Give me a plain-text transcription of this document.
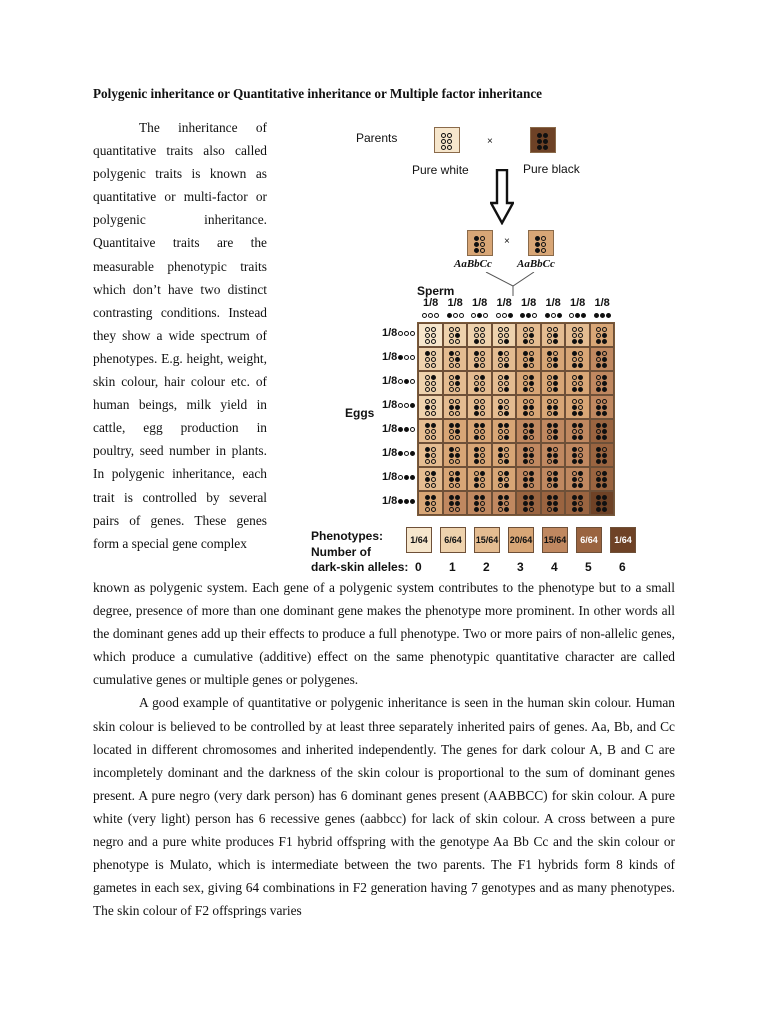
Polygenic inheritance or Quantitative inheritance or Multiple factor inheritance
The inheritance of quantitative traits also called polygenic traits is known as quantitative or multi-factor or polygenic inheritance. Quantitaive traits are the measurable phenotypic traits which don’t have two distinct contrasting conditions. Instead they show a wide spectrum of phenotypes. E.g. height, weight, skin colour, hair colour etc. of human beings, milk yield in cattle, egg production in poultry, seed number in plants. In polygenic inheritance, each trait is controlled by several pairs of genes. These genes form a special gene complex
Parents	×
Pure white	Pure black
×
AaBbCc AaBbCc
Sperm
1/8 1/8 1/8 1/8 1/8 1/8 1/8 1/8
Eggs
1/8
1/8
1/8
1/8
1/8
1/8
1/8
1/8
Phenotypes:
Number of
dark-skin alleles:
1/64
0
6/64
1
15/64
2
20/64
3
15/64
4
6/64
5
1/64
6

known as polygenic system. Each gene of a polygenic system contributes to the phenotype but to a small degree, presence of more than one dominant gene makes the phenotype more prominent. In other words all the dominant genes add up their effects to produce a full phenotype. Two or more pairs of non-allelic genes, which produce a cumulative (additive) effect on the same phenotypic quantitative character are called cumulative genes or multiple genes or polygenes.

A good example of quantitative or polygenic inheritance is seen in the human skin colour. Human skin colour is believed to be controlled by at least three separately inherited pairs of genes. Aa, Bb, and Cc located in different chromosomes and inherited independently. The genes for dark colour A, B and C are incompletely dominant and the darkness of the skin colour is proportional to the sum of dominant genes present. A pure negro (very dark person) has 6 dominant genes present (AABBCC) for skin colour. A pure white (very light) person has 6 recessive genes (aabbcc) for lack of skin colour. A cross between a pure negro and a pure white produces F1 hybrid offspring with the genotype Aa Bb Cc and the skin colour or phenotype is Mulato, which is intermediate between the two parents. The F1 hybrids form 8 kinds of gametes in each sex, giving 64 combinations in F2 generation having 7 genotypes and as many phenotypes. The skin colour of F2 offsprings varies
